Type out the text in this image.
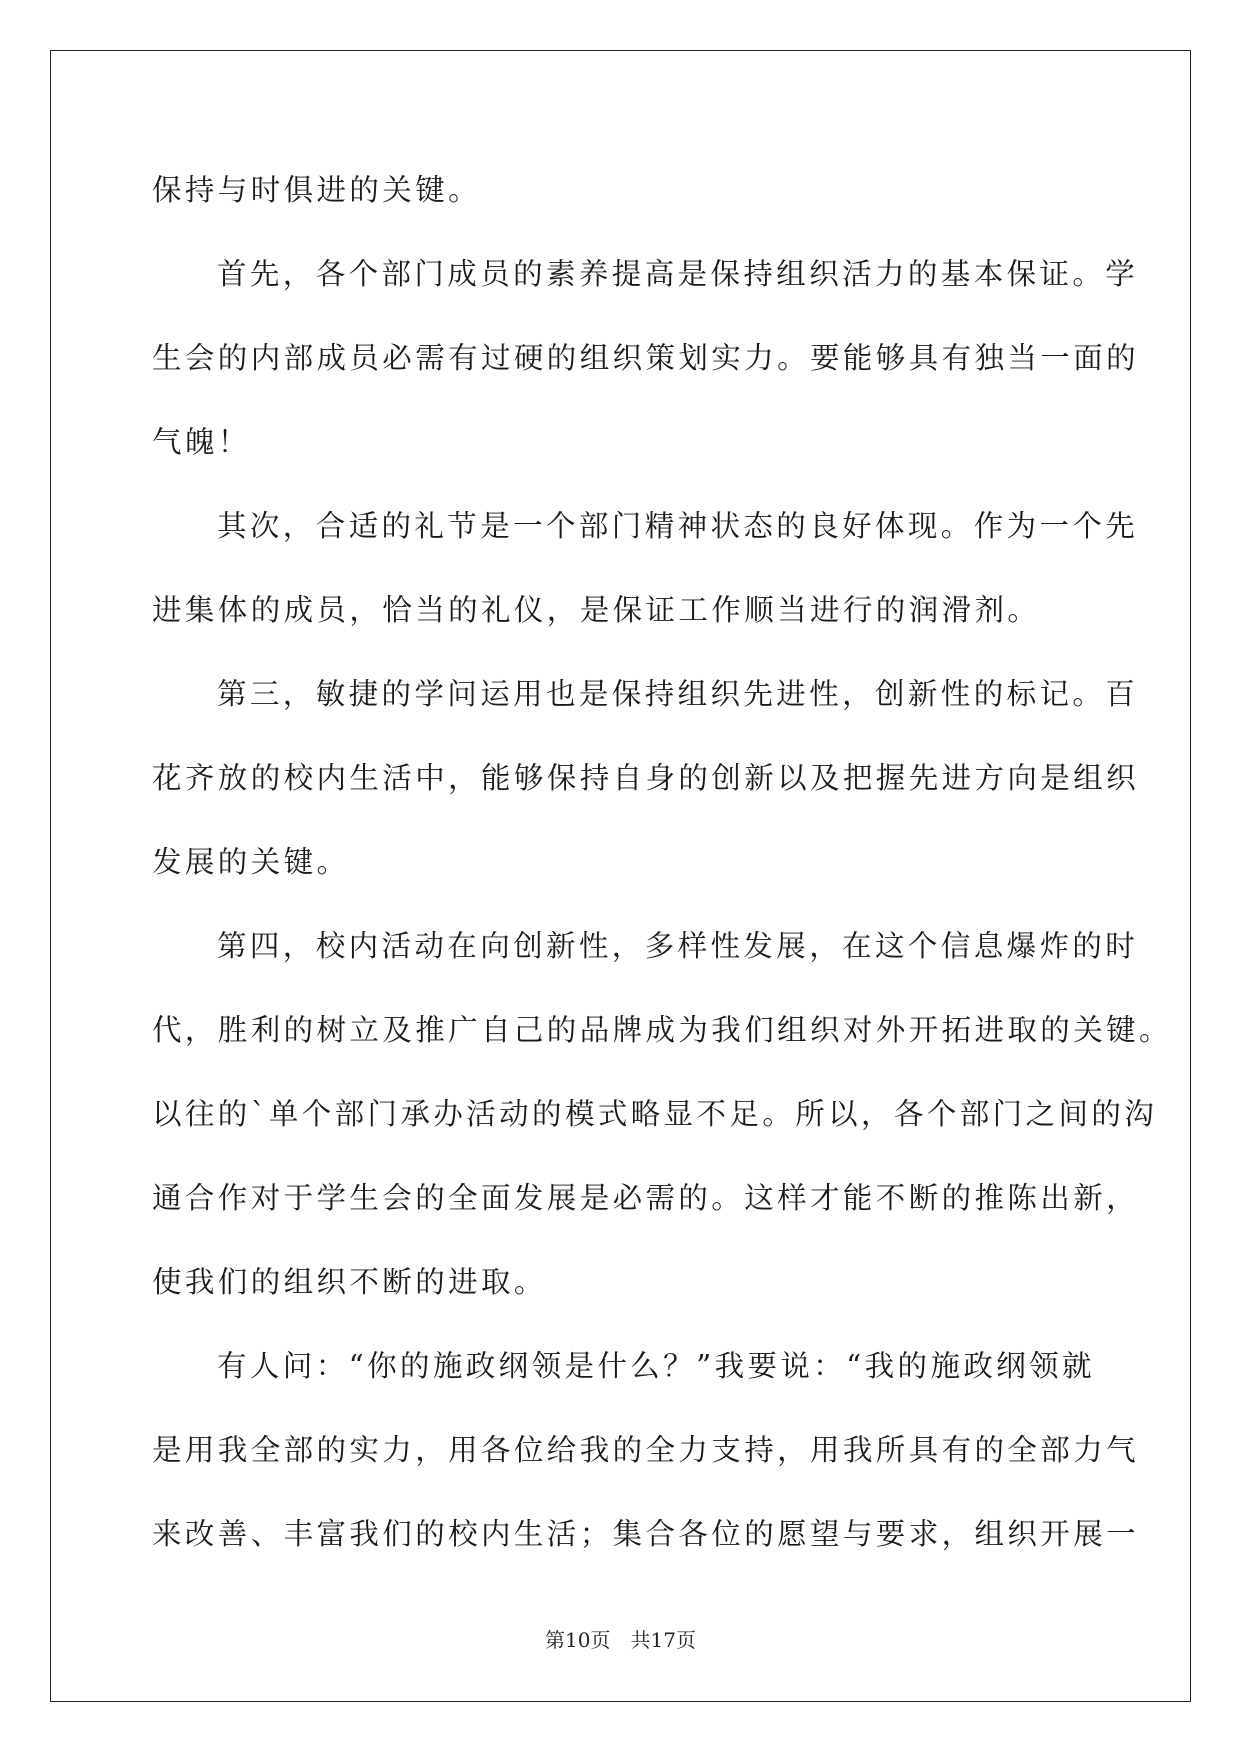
保持与时俱进的关键。
首先，各个部门成员的素养提高是保持组织活力的基本保证。学
生会的内部成员必需有过硬的组织策划实力。要能够具有独当一面的
气魄！
其次，合适的礼节是一个部门精神状态的良好体现。作为一个先
进集体的成员，恰当的礼仪，是保证工作顺当进行的润滑剂。
第三，敏捷的学问运用也是保持组织先进性，创新性的标记。百
花齐放的校内生活中，能够保持自身的创新以及把握先进方向是组织
发展的关键。
第四，校内活动在向创新性，多样性发展，在这个信息爆炸的时
代，胜利的树立及推广自己的品牌成为我们组织对外开拓进取的关键。
以往的`单个部门承办活动的模式略显不足。所以，各个部门之间的沟
通合作对于学生会的全面发展是必需的。这样才能不断的推陈出新，
使我们的组织不断的进取。
有人问：“你的施政纲领是什么？”我要说：“我的施政纲领就
是用我全部的实力，用各位给我的全力支持，用我所具有的全部力气
来改善、丰富我们的校内生活；集合各位的愿望与要求，组织开展一
第10页　共17页
